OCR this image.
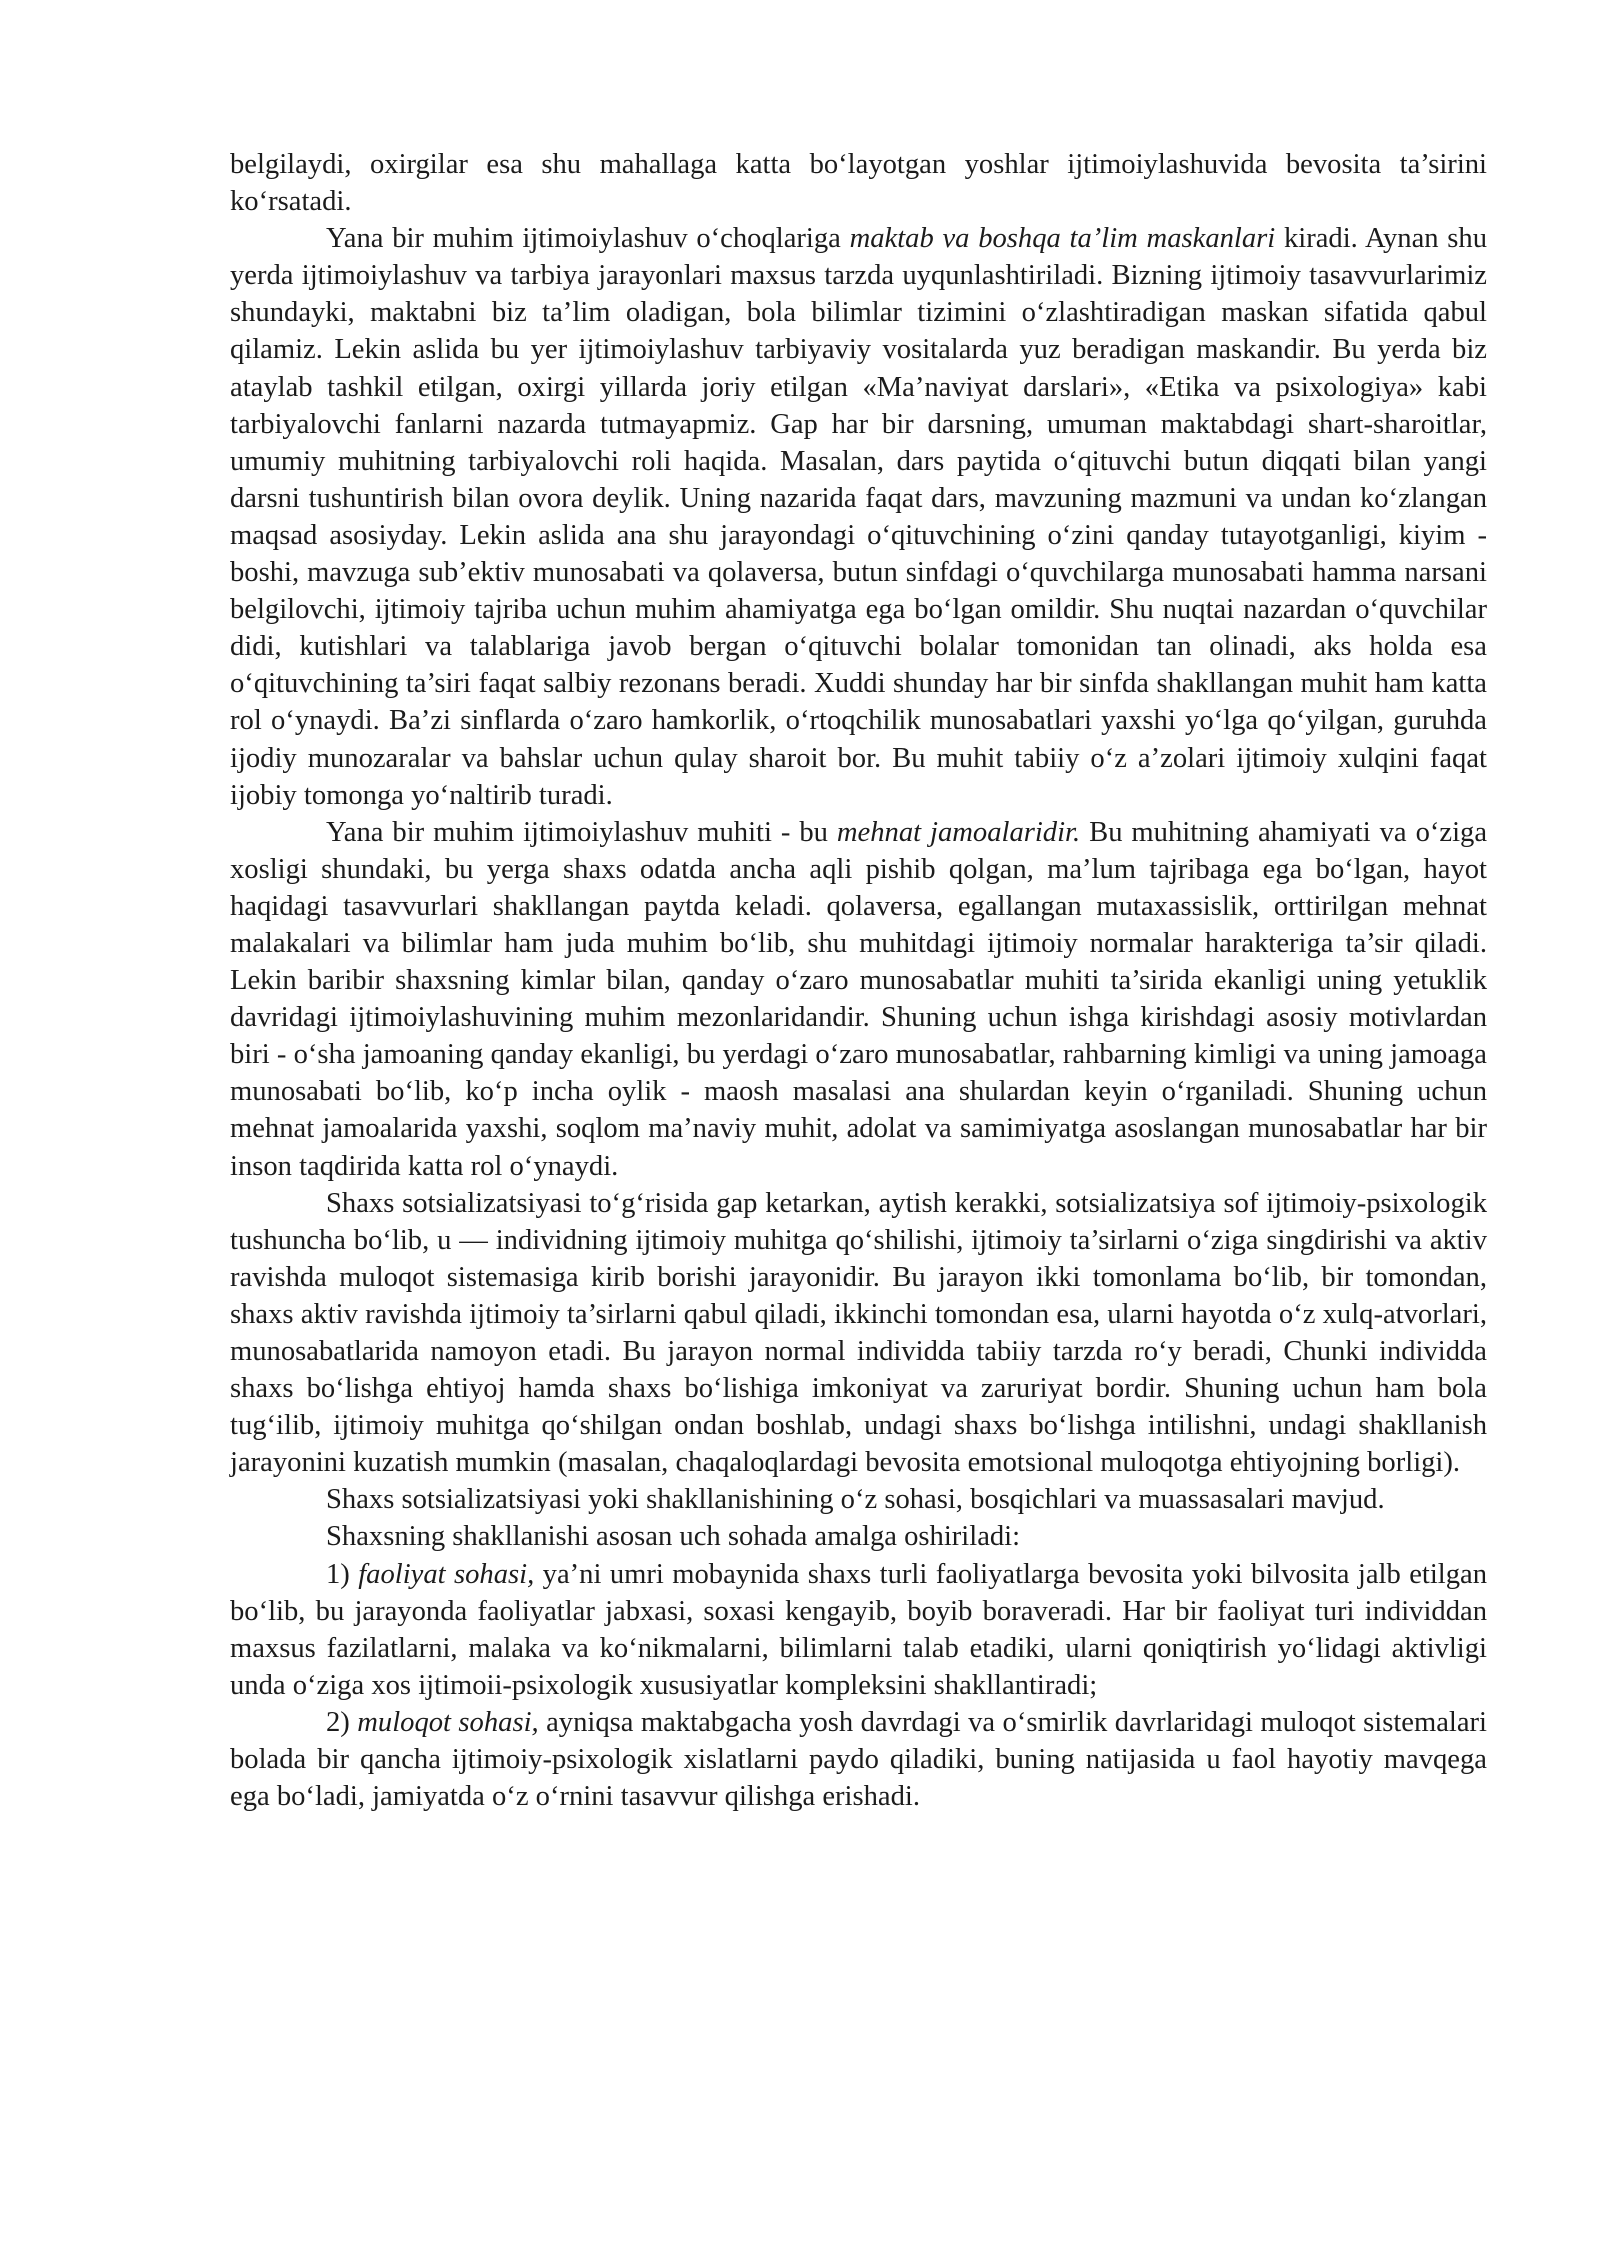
belgilaydi, oxirgilar esa shu mahallaga katta bo‘layotgan yoshlar ijtimoiylashuvida bevosita ta’sirini ko‘rsatadi.

Yana bir muhim ijtimoiylashuv o‘choqlariga maktab va boshqa ta’lim maskanlari kiradi. Aynan shu yerda ijtimoiylashuv va tarbiya jarayonlari maxsus tarzda uyqunlashtiriladi. Bizning ijtimoiy tasavvurlarimiz shundayki, maktabni biz ta’lim oladigan, bola bilimlar tizimini o‘zlashtiradigan maskan sifatida qabul qilamiz. Lekin aslida bu yer ijtimoiylashuv tarbiyaviy vositalarda yuz beradigan maskandir. Bu yerda biz ataylab tashkil etilgan, oxirgi yillarda joriy etilgan «Ma’naviyat darslari», «Etika va psixologiya» kabi tarbiyalovchi fanlarni nazarda tutmayapmiz. Gap har bir darsning, umuman maktabdagi shart-sharoitlar, umumiy muhitning tarbiyalovchi roli haqida. Masalan, dars paytida o‘qituvchi butun diqqati bilan yangi darsni tushuntirish bilan ovora deylik. Uning nazarida faqat dars, mavzuning mazmuni va undan ko‘zlangan maqsad asosiyday. Lekin aslida ana shu jarayondagi o‘qituvchining o‘zini qanday tutayotganligi, kiyim - boshi, mavzuga sub’ektiv munosabati va qolaversa, butun sinfdagi o‘quvchilarga munosabati hamma narsani belgilovchi, ijtimoiy tajriba uchun muhim ahamiyatga ega bo‘lgan omildir. Shu nuqtai nazardan o‘quvchilar didi, kutishlari va talablariga javob bergan o‘qituvchi bolalar tomonidan tan olinadi, aks holda esa o‘qituvchining ta’siri faqat salbiy rezonans beradi. Xuddi shunday har bir sinfda shakllangan muhit ham katta rol o‘ynaydi. Ba’zi sinflarda o‘zaro hamkorlik, o‘rtoqchilik munosabatlari yaxshi yo‘lga qo‘yilgan, guruhda ijodiy munozaralar va bahslar uchun qulay sharoit bor. Bu muhit tabiiy o‘z a’zolari ijtimoiy xulqini faqat ijobiy tomonga yo‘naltirib turadi.

Yana bir muhim ijtimoiylashuv muhiti - bu mehnat jamoalaridir. Bu muhitning ahamiyati va o‘ziga xosligi shundaki, bu yerga shaxs odatda ancha aqli pishib qolgan, ma’lum tajribaga ega bo‘lgan, hayot haqidagi tasavvurlari shakllangan paytda keladi. qolaversa, egallangan mutaxassislik, orttirilgan mehnat malakalari va bilimlar ham juda muhim bo‘lib, shu muhitdagi ijtimoiy normalar harakteriga ta’sir qiladi. Lekin baribir shaxsning kimlar bilan, qanday o‘zaro munosabatlar muhiti ta’sirida ekanligi uning yetuklik davridagi ijtimoiylashuvining muhim mezonlaridandir. Shuning uchun ishga kirishdagi asosiy motivlardan biri - o‘sha jamoaning qanday ekanligi, bu yerdagi o‘zaro munosabatlar, rahbarning kimligi va uning jamoaga munosabati bo‘lib, ko‘p incha oylik - maosh masalasi ana shulardan keyin o‘rganiladi. Shuning uchun mehnat jamoalarida yaxshi, soqlom ma’naviy muhit, adolat va samimiyatga asoslangan munosabatlar har bir inson taqdirida katta rol o‘ynaydi.

Shaxs sotsializatsiyasi to‘g‘risida gap ketarkan, aytish kerakki, sotsializatsiya sof ijtimoiy-psixologik tushuncha bo‘lib, u — individning ijtimoiy muhitga qo‘shilishi, ijtimoiy ta’sirlarni o‘ziga singdirishi va aktiv ravishda muloqot sistemasiga kirib borishi jarayonidir. Bu jarayon ikki tomonlama bo‘lib, bir tomondan, shaxs aktiv ravishda ijtimoiy ta’sirlarni qabul qiladi, ikkinchi tomondan esa, ularni hayotda o‘z xulq-atvorlari, munosabatlarida namoyon etadi. Bu jarayon normal individda tabiiy tarzda ro‘y beradi, Chunki individda shaxs bo‘lishga ehtiyoj hamda shaxs bo‘lishiga imkoniyat va zaruriyat bordir. Shuning uchun ham bola tug‘ilib, ijtimoiy muhitga qo‘shilgan ondan boshlab, undagi shaxs bo‘lishga intilishni, undagi shakllanish jarayonini kuzatish mumkin (masalan, chaqaloqlardagi bevosita emotsional muloqotga ehtiyojning borligi).

Shaxs sotsializatsiyasi yoki shakllanishining o‘z sohasi, bosqichlari va muassasalari mavjud.

Shaxsning shakllanishi asosan uch sohada amalga oshiriladi:

1) faoliyat sohasi, ya’ni umri mobaynida shaxs turli faoliyatlarga bevosita yoki bilvosita jalb etilgan bo‘lib, bu jarayonda faoliyatlar jabxasi, soxasi kengayib, boyib boraveradi. Har bir faoliyat turi individdan maxsus fazilatlarni, malaka va ko‘nikmalarni, bilimlarni talab etadiki, ularni qoniqtirish yo‘lidagi aktivligi unda o‘ziga xos ijtimoii-psixologik xususiyatlar kompleksini shakllantiradi;

2) muloqot sohasi, ayniqsa maktabgacha yosh davrdagi va o‘smirlik davrlaridagi muloqot sistemalari bolada bir qancha ijtimoiy-psixologik xislatlarni paydo qiladiki, buning natijasida u faol hayotiy mavqega ega bo‘ladi, jamiyatda o‘z o‘rnini tasavvur qilishga erishadi.
